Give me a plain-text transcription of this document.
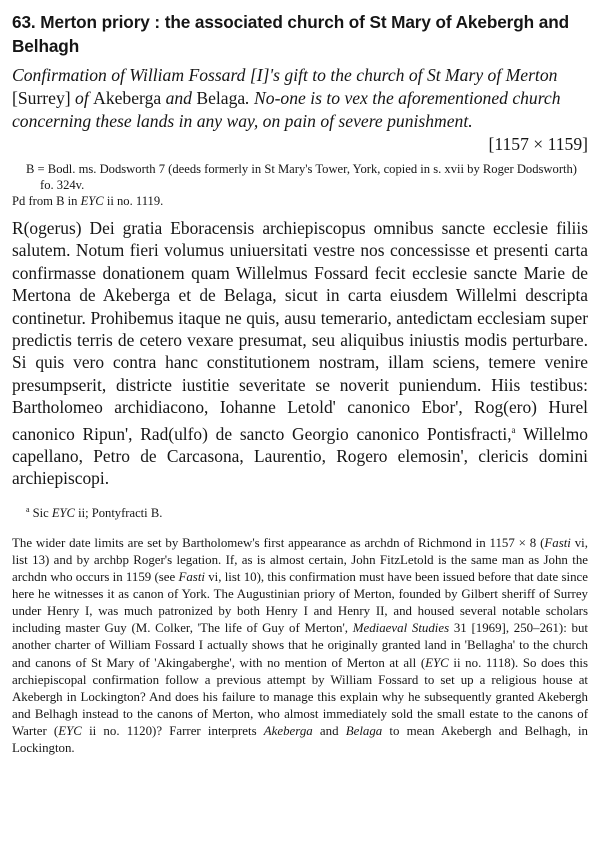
63. Merton priory : the associated church of St Mary of Akebergh and Belhagh

Confirmation of William Fossard [I]'s gift to the church of St Mary of Merton [Surrey] of Akeberga and Belaga. No-one is to vex the aforementioned church concerning these lands in any way, on pain of severe punishment.

[1157 × 1159]

B = Bodl. ms. Dodsworth 7 (deeds formerly in St Mary's Tower, York, copied in s. xvii by Roger Dodsworth) fo. 324v.

Pd from B in EYC ii no. 1119.

R(ogerus) Dei gratia Eboracensis archiepiscopus omnibus sancte ecclesie filiis salutem. Notum fieri volumus uniuersitati vestre nos concessisse et presenti carta confirmasse donationem quam Willelmus Fossard fecit ecclesie sancte Marie de Mertona de Akeberga et de Belaga, sicut in carta eiusdem Willelmi descripta continetur. Prohibemus itaque ne quis, ausu temerario, antedictam ecclesiam super predictis terris de cetero vexare presumat, seu aliquibus iniustis modis perturbare. Si quis vero contra hanc constitutionem nostram, illam sciens, temere venire presumpserit, districte iustitie severitate se noverit puniendum. Hiis testibus: Bartholomeo archidiacono, Iohanne Letold' canonico Ebor', Rog(ero) Hurel canonico Ripun', Rad(ulfo) de sancto Georgio canonico Pontisfracti,$^a$ Willelmo capellano, Petro de Carcasona, Laurentio, Rogero elemosin', clericis domini archiepiscopi.

$^a$ Sic EYC ii; Pontyfracti B.

The wider date limits are set by Bartholomew's first appearance as archdn of Richmond in 1157 × 8 (Fasti vi, list 13) and by archbp Roger's legation. If, as is almost certain, John FitzLetold is the same man as John the archdn who occurs in 1159 (see Fasti vi, list 10), this confirmation must have been issued before that date since here he witnesses it as canon of York. The Augustinian priory of Merton, founded by Gilbert sheriff of Surrey under Henry I, was much patronized by both Henry I and Henry II, and housed several notable scholars including master Guy (M. Colker, 'The life of Guy of Merton', Mediaeval Studies 31 [1969], 250–261): but another charter of William Fossard I actually shows that he originally granted land in 'Bellagha' to the church and canons of St Mary of 'Akingaberghe', with no mention of Merton at all (EYC ii no. 1118). So does this archiepiscopal confirmation follow a previous attempt by William Fossard to set up a religious house at Akebergh in Lockington? And does his failure to manage this explain why he subsequently granted Akebergh and Belhagh instead to the canons of Merton, who almost immediately sold the small estate to the canons of Warter (EYC ii no. 1120)? Farrer interprets Akeberga and Belaga to mean Akebergh and Belhagh, in Lockington.
